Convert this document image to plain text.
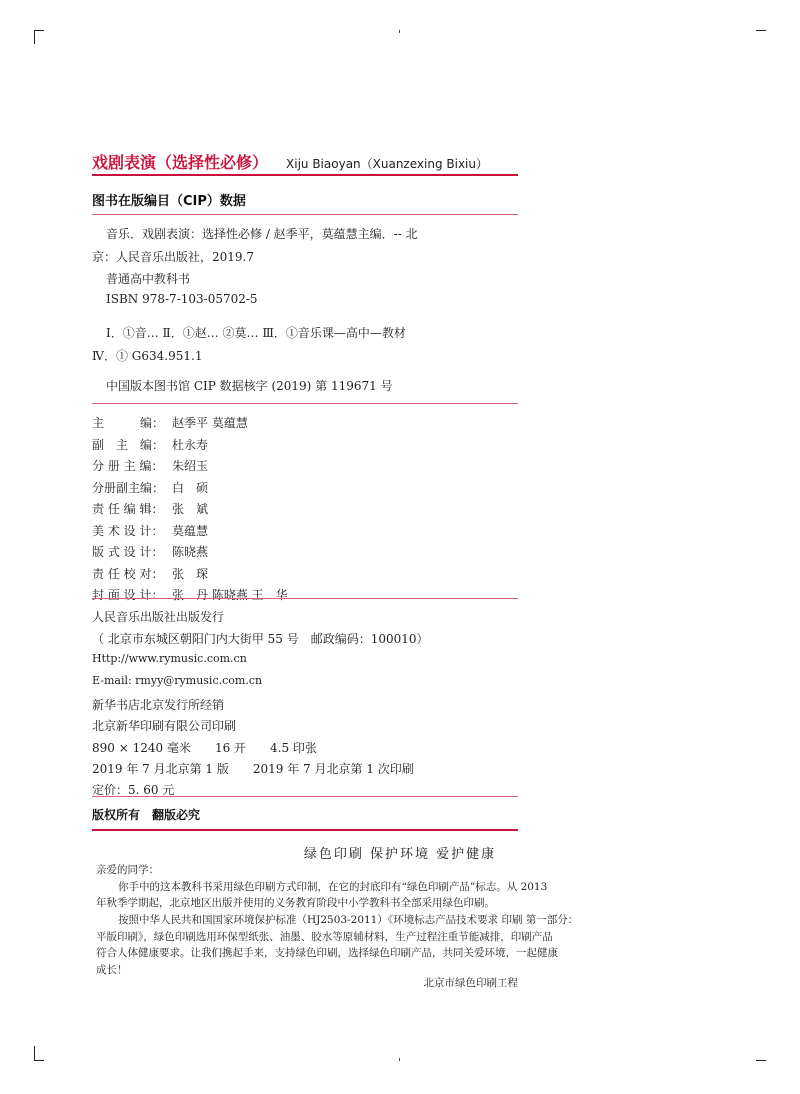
戏剧表演（选择性必修） Xiju Biaoyan（Xuanzexing Bixiu）
图书在版编目（CIP）数据
音乐．戏剧表演：选择性必修 / 赵季平，莫蕴慧主编．-- 北
京：人民音乐出版社，2019.7
普通高中教科书
ISBN 978-7-103-05702-5
Ⅰ．①音… Ⅱ．①赵… ②莫… Ⅲ．①音乐课—高中—教材
Ⅳ．① G634.951.1
中国版本图书馆 CIP 数据核字 (2019) 第 119671 号
主　　　编： 赵季平 莫蕴慧
副　主　编： 杜永寿
分 册 主 编： 朱绍玉
分册副主编： 白　硕
责 任 编 辑： 张　斌
美 术 设 计： 莫蕴慧
版 式 设 计： 陈晓燕
责 任 校 对： 张　琛
封 面 设 计： 张　丹 陈晓燕 王　华
人民音乐出版社出版发行
（ 北京市东城区朝阳门内大街甲 55 号　邮政编码：100010）
Http://www.rymusic.com.cn
E-mail: rmyy@rymusic.com.cn
新华书店北京发行所经销
北京新华印刷有限公司印刷
890 × 1240 毫米　　16 开　　4.5 印张
2019 年 7 月北京第 1 版　　2019 年 7 月北京第 1 次印刷
定价：5. 60 元
版权所有　翻版必究
绿色印刷 保护环境 爱护健康
亲爱的同学：
你手中的这本教科书采用绿色印刷方式印制，在它的封底印有“绿色印刷产品”标志。从 2013
年秋季学期起，北京地区出版并使用的义务教育阶段中小学教科书全部采用绿色印刷。
按照中华人民共和国国家环境保护标准（HJ2503-2011）《环境标志产品技术要求 印刷 第一部分：
平版印刷》，绿色印刷选用环保型纸张、油墨、胶水等原辅材料，生产过程注重节能减排，印刷产品
符合人体健康要求。让我们携起手来，支持绿色印刷，选择绿色印刷产品，共同关爱环境，一起健康
成长！
北京市绿色印刷工程
